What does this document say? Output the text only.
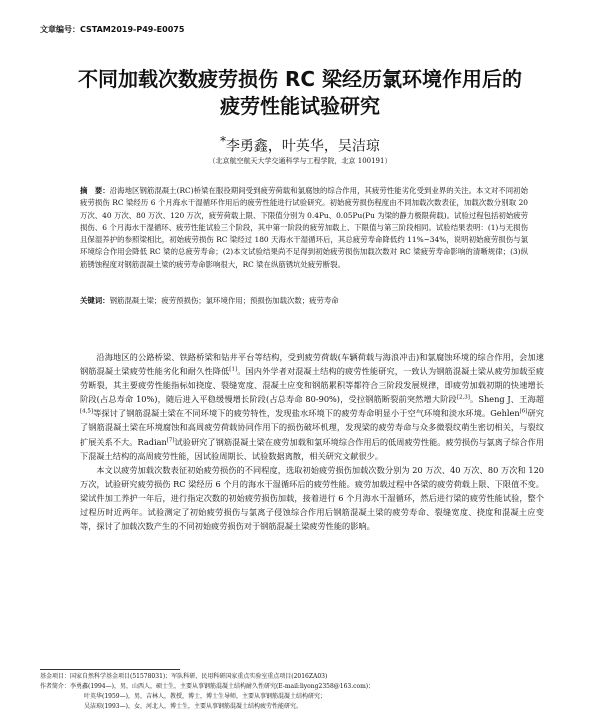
文章编号：CSTAM2019-P49-E0075
不同加载次数疲劳损伤 RC 梁经历氯环境作用后的
疲劳性能试验研究
*李勇鑫，叶英华，吴洁琼
（北京航空航天大学交通科学与工程学院，北京 100191）
摘　要：沿海地区钢筋混凝土(RC)桥梁在服役期间受到疲劳荷载和氯腐蚀的综合作用，其疲劳性能劣化受到业界的关注。本文对不同初始疲劳损伤 RC 梁经历 6 个月海水干湿循环作用后的疲劳性能进行试验研究。初始疲劳损伤程度由不同加载次数表征，加载次数分别取 20 万次、40 万次、80 万次、120 万次，疲劳荷载上限、下限值分别为 0.4Pu、0.05Pu(Pu 为梁的静力极限荷载)。试验过程包括初始疲劳损伤、6 个月海水干湿循环、疲劳性能试验三个阶段，其中第一阶段的疲劳加载上、下限值与第三阶段相同。试验结果表明：(1)与无损伤且保湿养护的参照梁相比，初始疲劳损伤 RC 梁经过 180 天海水干湿循环后，其总疲劳寿命降低约 11%~34%，说明初始疲劳损伤与氯环境综合作用会降低 RC 梁的总疲劳寿命；(2)本文试验结果尚不足得到初始疲劳损伤加载次数对 RC 梁疲劳寿命影响的清晰规律；(3)纵筋锈蚀程度对钢筋混凝土梁的疲劳寿命影响很大，RC 梁在纵筋锈坑处疲劳断裂。
关键词：钢筋混凝土梁；疲劳预损伤；氯环境作用；预损伤加载次数；疲劳寿命

沿海地区的公路桥梁、铁路桥梁和钻井平台等结构，受到疲劳荷载(车辆荷载与海浪冲击)和氯腐蚀环境的综合作用，会加速钢筋混凝土梁疲劳性能劣化和耐久性降低[1]。国内外学者对混凝土结构的疲劳性能研究，一致认为钢筋混凝土梁从疲劳加载至疲劳断裂，其主要疲劳性能指标如挠度、裂缝宽度、混凝土应变和钢筋累积等都符合三阶段发展规律，即疲劳加载初期的快速增长阶段(占总寿命 10%)，随后进入平稳缓慢增长阶段(占总寿命 80-90%)，受拉钢筋断裂前突然增大阶段[2,3]。Sheng J、王海超[4,5]等探讨了钢筋混凝土梁在不同环境下的疲劳特性，发现盐水环境下的疲劳寿命明显小于空气环境和淡水环境。Gehlen[6]研究了钢筋混凝土梁在环境腐蚀和高周疲劳荷载协同作用下的损伤破坏机理，发现梁的疲劳寿命与众多微裂纹萌生密切相关，与裂纹扩展关系不大。Radian[7]试验研究了钢筋混凝土梁在疲劳加载和氯环境综合作用后的低周疲劳性能。疲劳损伤与氯离子综合作用下混凝土结构的高周疲劳性能，因试验周期长、试验数据离散，相关研究文献很少。

本文以疲劳加载次数表征初始疲劳损伤的不同程度，选取初始疲劳损伤加载次数分别为 20 万次、40 万次、80 万次和 120 万次，试验研究疲劳损伤 RC 梁经历 6 个月的海水干湿循环后的疲劳性能。疲劳加载过程中各梁的疲劳荷载上限、下限值不变。梁试件加工养护一年后，进行指定次数的初始疲劳损伤加载，接着进行 6 个月海水干湿循环，然后进行梁的疲劳性能试验，整个过程历时近两年。试验测定了初始疲劳损伤与氯离子侵蚀综合作用后钢筋混凝土梁的疲劳寿命、裂缝宽度、挠度和混凝土应变等，探讨了加载次数产生的不同初始疲劳损伤对于钢筋混凝土梁疲劳性能的影响。

基金项目：国家自然科学基金项目(51578031)；军队科研、民用科研国家重点实验室重点项目(2016ZA03)
作者简介：李勇鑫(1994—)，男，山西人，硕士生，主要从事钢筋混凝土结构耐久性研究(E-mail:liyong2358@163.com)；
叶英华(1959—)，男，吉林人，教授，博士，博士生导师，主要从事钢筋混凝土结构研究；
吴洁琼(1993—)，女，河北人，博士生，主要从事钢筋混凝土结构疲劳性能研究。
